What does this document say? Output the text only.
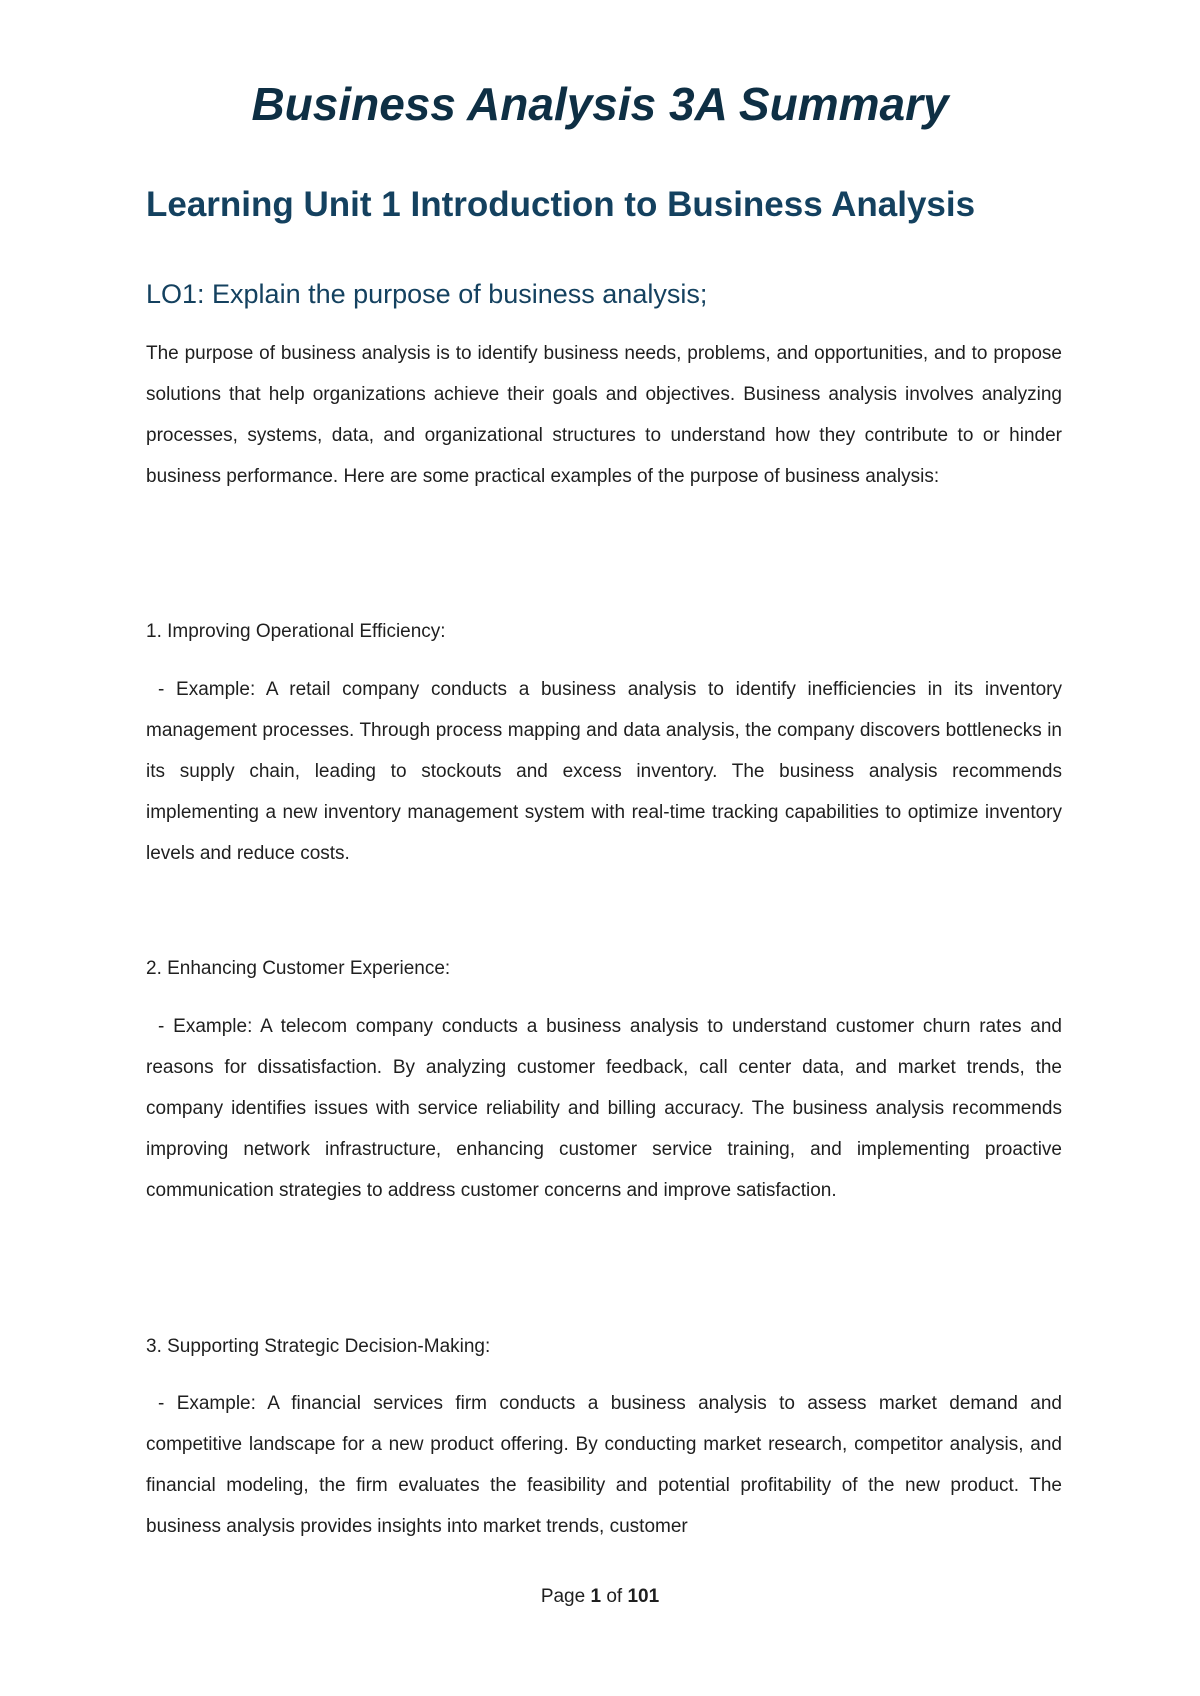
Business Analysis 3A Summary
Learning Unit 1 Introduction to Business Analysis
LO1: Explain the purpose of business analysis;
The purpose of business analysis is to identify business needs, problems, and opportunities, and to propose solutions that help organizations achieve their goals and objectives. Business analysis involves analyzing processes, systems, data, and organizational structures to understand how they contribute to or hinder business performance. Here are some practical examples of the purpose of business analysis:
1. Improving Operational Efficiency:
- Example: A retail company conducts a business analysis to identify inefficiencies in its inventory management processes. Through process mapping and data analysis, the company discovers bottlenecks in its supply chain, leading to stockouts and excess inventory. The business analysis recommends implementing a new inventory management system with real-time tracking capabilities to optimize inventory levels and reduce costs.
2. Enhancing Customer Experience:
- Example: A telecom company conducts a business analysis to understand customer churn rates and reasons for dissatisfaction. By analyzing customer feedback, call center data, and market trends, the company identifies issues with service reliability and billing accuracy. The business analysis recommends improving network infrastructure, enhancing customer service training, and implementing proactive communication strategies to address customer concerns and improve satisfaction.
3. Supporting Strategic Decision-Making:
- Example: A financial services firm conducts a business analysis to assess market demand and competitive landscape for a new product offering. By conducting market research, competitor analysis, and financial modeling, the firm evaluates the feasibility and potential profitability of the new product. The business analysis provides insights into market trends, customer
Page 1 of 101
